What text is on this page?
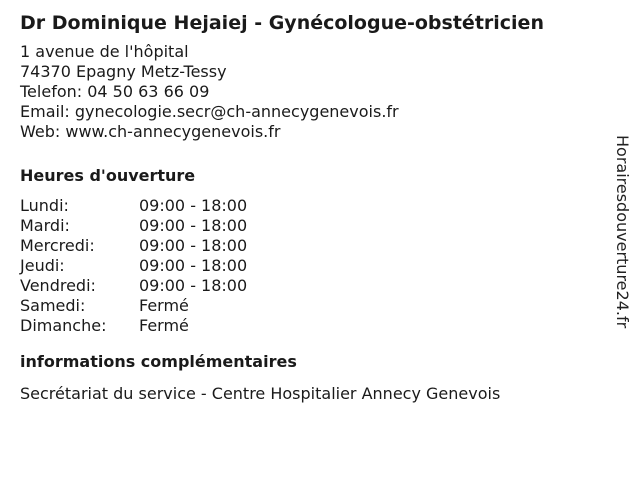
Dr Dominique Hejaiej - Gynécologue-obstétricien
1 avenue de l'hôpital
74370 Epagny Metz-Tessy
Telefon: 04 50 63 66 09
Email: gynecologie.secr@ch-annecygenevois.fr
Web: www.ch-annecygenevois.fr
Heures d'ouverture
Lundi:	09:00 - 18:00
Mardi:	09:00 - 18:00
Mercredi:	09:00 - 18:00
Jeudi:	09:00 - 18:00
Vendredi:	09:00 - 18:00
Samedi:	Fermé
Dimanche:	Fermé
informations complémentaires
Secrétariat du service - Centre Hospitalier Annecy Genevois
Horairesdouverture24.fr
